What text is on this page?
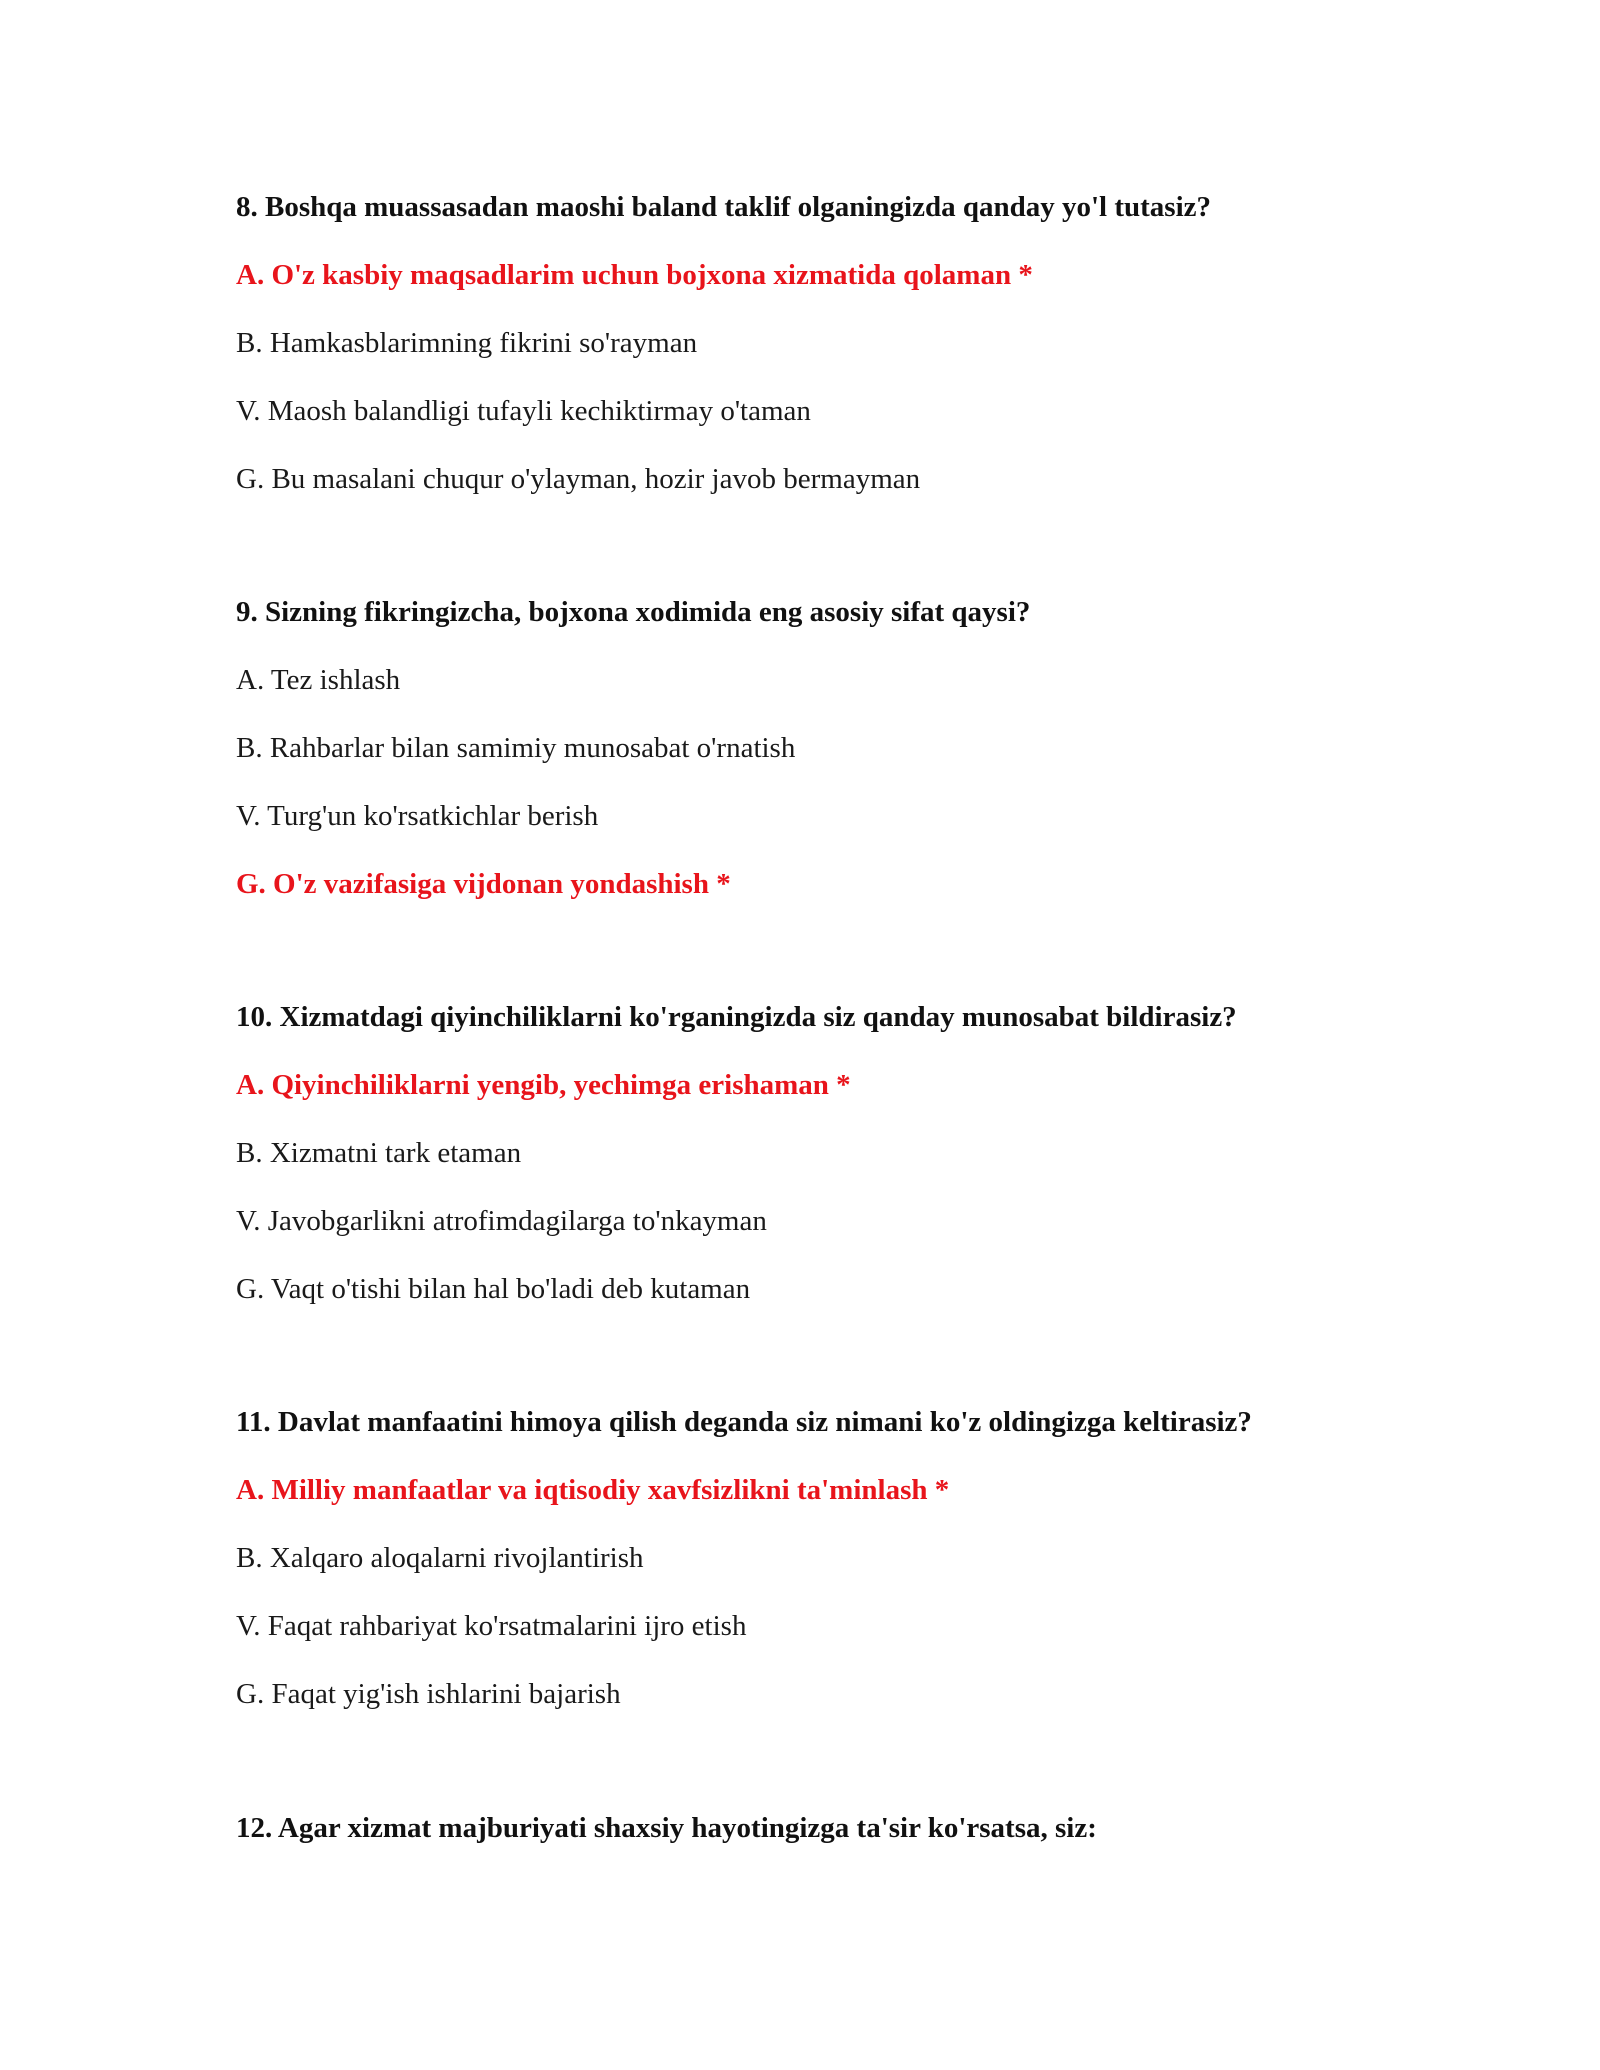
8. Boshqa muassasadan maoshi baland taklif olganingizda qanday yo'l tutasiz?
A. O'z kasbiy maqsadlarim uchun bojxona xizmatida qolaman *
B. Hamkasblarimning fikrini so'rayman
V. Maosh balandligi tufayli kechiktirmay o'taman
G. Bu masalani chuqur o'ylayman, hozir javob bermayman
9. Sizning fikringizcha, bojxona xodimida eng asosiy sifat qaysi?
A. Tez ishlash
B. Rahbarlar bilan samimiy munosabat o'rnatish
V. Turg'un ko'rsatkichlar berish
G. O'z vazifasiga vijdonan yondashish *
10. Xizmatdagi qiyinchiliklarni ko'rganingizda siz qanday munosabat bildirasiz?
A. Qiyinchiliklarni yengib, yechimga erishaman *
B. Xizmatni tark etaman
V. Javobgarlikni atrofimdagilarga to'nkayman
G. Vaqt o'tishi bilan hal bo'ladi deb kutaman
11. Davlat manfaatini himoya qilish deganda siz nimani ko'z oldingizga keltirasiz?
A. Milliy manfaatlar va iqtisodiy xavfsizlikni ta'minlash *
B. Xalqaro aloqalarni rivojlantirish
V. Faqat rahbariyat ko'rsatmalarini ijro etish
G. Faqat yig'ish ishlarini bajarish
12. Agar xizmat majburiyati shaxsiy hayotingizga ta'sir ko'rsatsa, siz:
